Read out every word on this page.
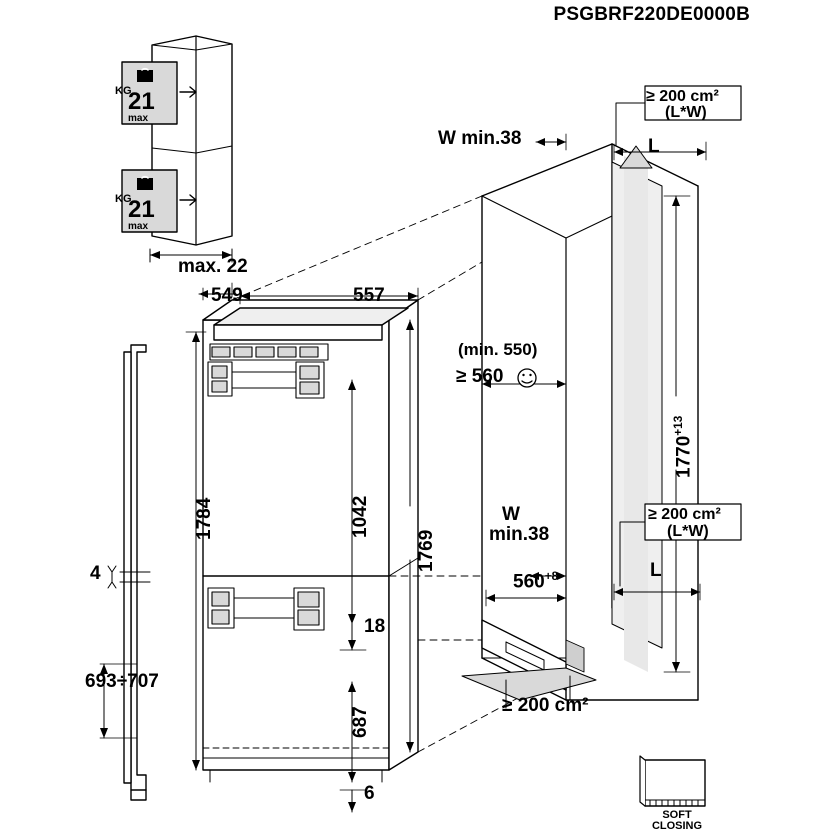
PSGBRF220DE0000B
KG
21
max
KG
21
max
max. 22
549	557
1784	1042
1769
18
687
6
4
693÷707
W min.38
≥ 200 cm²
(L*W)
L
(min. 550)
≥ 560
$1770^{+13}$
W
min.38
≥ 200 cm²
(L*W)
L
$560^{+8}$
≥ 200 cm²
SOFT
CLOSING
